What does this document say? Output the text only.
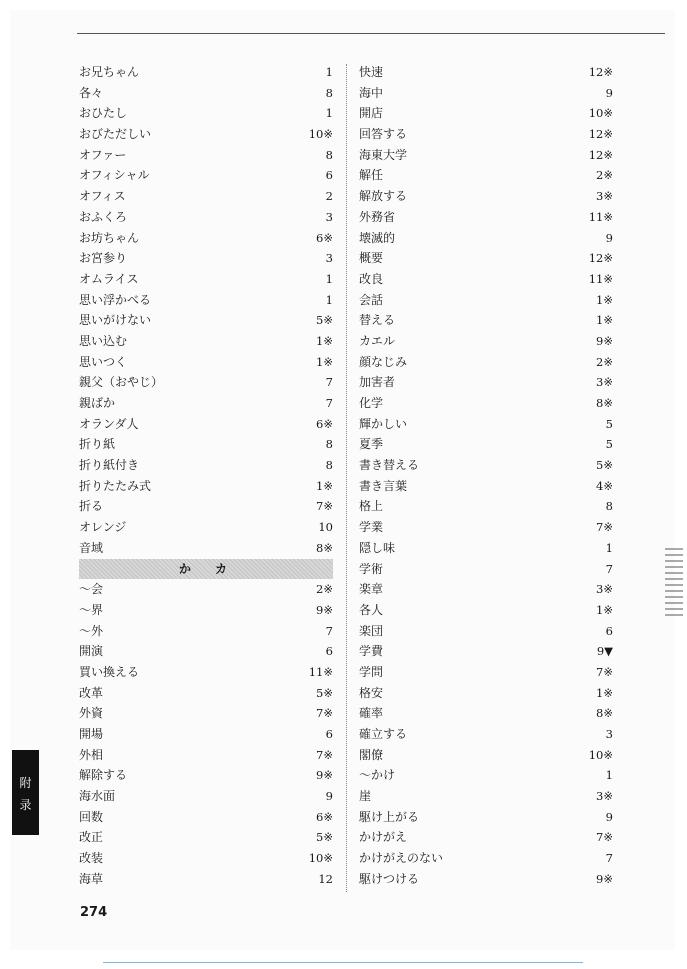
お兄ちゃん	1
各々	8
おひたし	1
おびただしい	10※
オファー	8
オフィシャル	6
オフィス	2
おふくろ	3
お坊ちゃん	6※
お宮参り	3
オムライス	1
思い浮かべる	1
思いがけない	5※
思い込む	1※
思いつく	1※
親父（おやじ）	7
親ばか	7
オランダ人	6※
折り紙	8
折り紙付き	8
折りたたみ式	1※
折る	7※
オレンジ	10
音域	8※
か　カ
～会	2※
～界	9※
～外	7
開演	6
買い換える	11※
改革	5※
外資	7※
開場	6
外相	7※
解除する	9※
海水面	9
回数	6※
改正	5※
改装	10※
海草	12
快速	12※
海中	9
開店	10※
回答する	12※
海東大学	12※
解任	2※
解放する	3※
外務省	11※
壊滅的	9
概要	12※
改良	11※
会話	1※
替える	1※
カエル	9※
顔なじみ	2※
加害者	3※
化学	8※
輝かしい	5
夏季	5
書き替える	5※
書き言葉	4※
格上	8
学業	7※
隠し味	1
学術	7
楽章	3※
各人	1※
楽団	6
学費	9▼
学問	7※
格安	1※
確率	8※
確立する	3
閣僚	10※
～かけ	1
崖	3※
駆け上がる	9
かけがえ	7※
かけがえのない	7
駆けつける	9※
附
录
274
